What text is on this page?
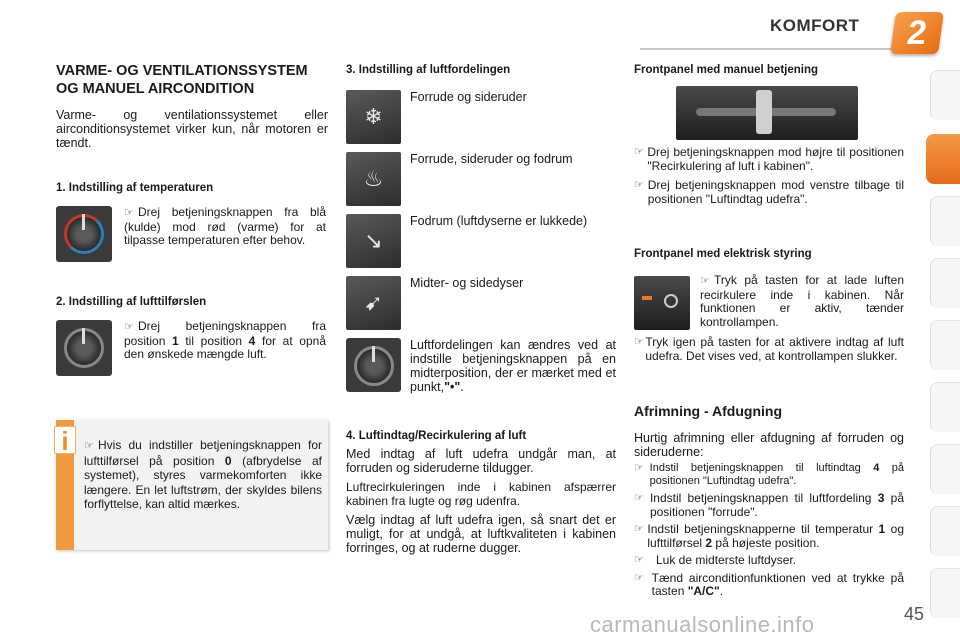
KOMFORT	2
VARME- OG VENTILATIONSSYSTEM OG MANUEL AIRCONDITION

Varme- og ventilationssystemet eller airconditionsystemet virker kun, når motoren er tændt.

1. Indstilling af temperaturen
☞ Drej betjeningsknappen fra blå (kulde) mod rød (varme) for at tilpasse temperaturen efter behov.
2. Indstilling af lufttilførslen
☞ Drej betjeningsknappen fra position 1 til position 4 for at opnå den ønskede mængde luft.
i	☞ Hvis du indstiller betjeningsknappen for lufttilførsel på position 0 (afbrydelse af systemet), styres varmekomforten ikke længere. En let luftstrøm, der skyldes bilens forflyttelse, kan altid mærkes.
3. Indstilling af luftfordelingen
❄
Forrude og sideruder
♨
Forrude, sideruder og fodrum
↘
Fodrum (luftdyserne er lukkede)
➹
Midter- og sidedyser
Luftfordelingen kan ændres ved at indstille betjeningsknappen på en midterposition, der er mærket med et punkt,"•".
4. Luftindtag/Recirkulering af luft

Med indtag af luft udefra undgår man, at forruden og sideruderne tildugger.

Luftrecirkuleringen inde i kabinen afspærrer kabinen fra lugte og røg udenfra.

Vælg indtag af luft udefra igen, så snart det er muligt, for at undgå, at luftkvaliteten i kabinen forringes, og at ruderne dugger.

Frontpanel med manuel betjening
☞ Drej betjeningsknappen mod højre til positionen "Recirkulering af luft i kabinen".
☞ Drej betjeningsknappen mod venstre tilbage til positionen "Luftindtag udefra".
Frontpanel med elektrisk styring
☞ Tryk på tasten for at lade luften recirkulere inde i kabinen. Når funktionen er aktiv, tænder kontrollampen.
☞ Tryk igen på tasten for at aktivere indtag af luft udefra. Det vises ved, at kontrollampen slukker.
Afrimning - Afdugning

Hurtig afrimning eller afdugning af forruden og sideruderne:

☞ Indstil betjeningsknappen til luftindtag 4 på positionen "Luftindtag udefra".
☞ Indstil betjeningsknappen til luftfordeling 3 på positionen "forrude".
☞ Indstil betjeningsknapperne til temperatur 1 og lufttilførsel 2 på højeste position.
☞	Luk de midterste luftdyser.
☞ Tænd airconditionfunktionen ved at trykke på tasten "A/C".
carmanualsonline.info	45
